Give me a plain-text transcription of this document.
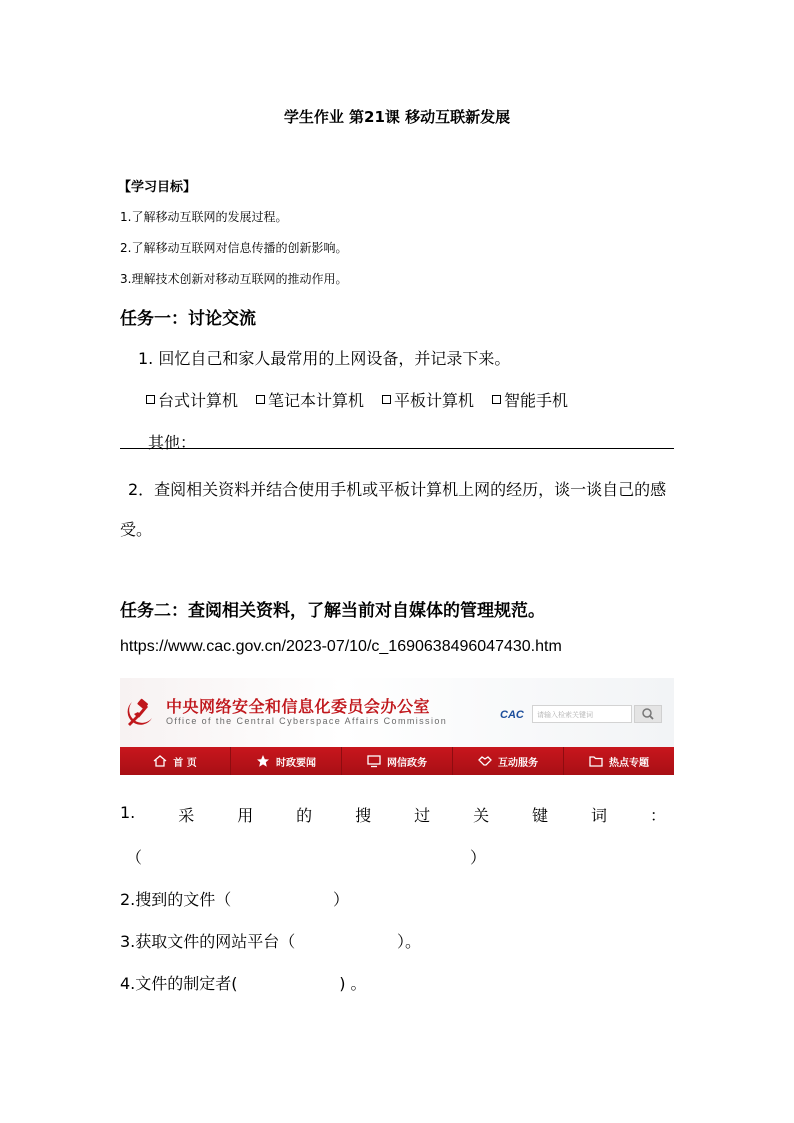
学生作业 第21课 移动互联新发展
【学习目标】
1.了解移动互联网的发展过程。
2.了解移动互联网对信息传播的创新影响。
3.理解技术创新对移动互联网的推动作用。
任务一：讨论交流
1. 回忆自己和家人最常用的上网设备，并记录下来。
台式计算机 笔记本计算机 平板计算机 智能手机
其他：
2．查阅相关资料并结合使用手机或平板计算机上网的经历，谈一谈自己的感受。
任务二：查阅相关资料，了解当前对自媒体的管理规范。
https://www.cac.gov.cn/2023-07/10/c_1690638496047430.htm
中央网络安全和信息化委员会办公室
Office of the Central Cyberspace Affairs Commission	CAC	请输入检索关键词
首 页	时政要闻	网信政务	互动服务	热点专题
1.	采	用	的	搜	过	关	键	词	：
（	）
2.搜到的文件（                    ）
3.获取文件的网站平台（                    ）。
4.文件的制定者(                    ) 。
